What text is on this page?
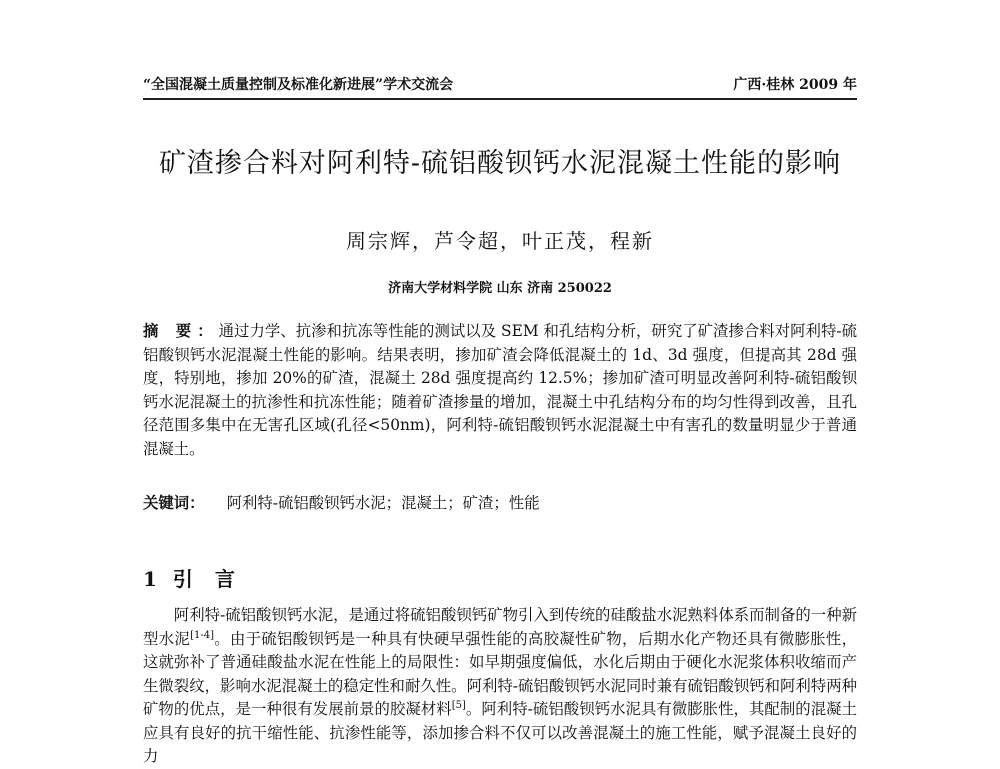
“全国混凝土质量控制及标准化新进展”学术交流会	广西·桂林 2009 年
矿渣掺合料对阿利特-硫铝酸钡钙水泥混凝土性能的影响
周宗辉，芦令超，叶正茂，程新
济南大学材料学院 山东 济南 250022
摘 要：通过力学、抗渗和抗冻等性能的测试以及 SEM 和孔结构分析，研究了矿渣掺合料对阿利特-硫铝酸钡钙水泥混凝土性能的影响。结果表明，掺加矿渣会降低混凝土的 1d、3d 强度，但提高其 28d 强度，特别地，掺加 20%的矿渣，混凝土 28d 强度提高约 12.5%；掺加矿渣可明显改善阿利特-硫铝酸钡钙水泥混凝土的抗渗性和抗冻性能；随着矿渣掺量的增加，混凝土中孔结构分布的均匀性得到改善，且孔径范围多集中在无害孔区域(孔径<50nm)，阿利特-硫铝酸钡钙水泥混凝土中有害孔的数量明显少于普通混凝土。
关键词： 阿利特-硫铝酸钡钙水泥；混凝土；矿渣；性能
1 引言
阿利特-硫铝酸钡钙水泥，是通过将硫铝酸钡钙矿物引入到传统的硅酸盐水泥熟料体系而制备的一种新型水泥[1-4]。由于硫铝酸钡钙是一种具有快硬早强性能的高胶凝性矿物，后期水化产物还具有微膨胀性，这就弥补了普通硅酸盐水泥在性能上的局限性：如早期强度偏低，水化后期由于硬化水泥浆体积收缩而产生微裂纹，影响水泥混凝土的稳定性和耐久性。阿利特-硫铝酸钡钙水泥同时兼有硫铝酸钡钙和阿利特两种矿物的优点，是一种很有发展前景的胶凝材料[5]。阿利特-硫铝酸钡钙水泥具有微膨胀性，其配制的混凝土应具有良好的抗干缩性能、抗渗性能等，添加掺合料不仅可以改善混凝土的施工性能，赋予混凝土良好的力
